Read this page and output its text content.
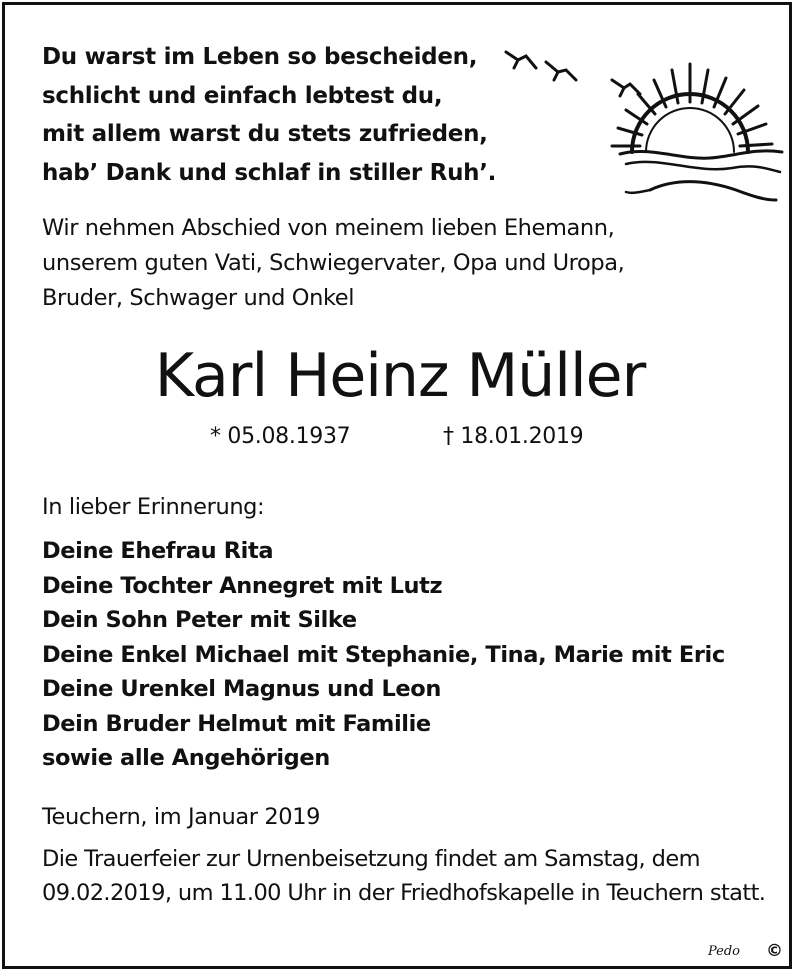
Du warst im Leben so bescheiden,
schlicht und einfach lebtest du,
mit allem warst du stets zufrieden,
hab’ Dank und schlaf in stiller Ruh’.
Wir nehmen Abschied von meinem lieben Ehemann,
unserem guten Vati, Schwiegervater, Opa und Uropa,
Bruder, Schwager und Onkel
Karl Heinz Müller
* 05.08.1937	† 18.01.2019
In lieber Erinnerung:
Deine Ehefrau Rita
Deine Tochter Annegret mit Lutz
Dein Sohn Peter mit Silke
Deine Enkel Michael mit Stephanie, Tina, Marie mit Eric
Deine Urenkel Magnus und Leon
Dein Bruder Helmut mit Familie
sowie alle Angehörigen
Teuchern, im Januar 2019
Die Trauerfeier zur Urnenbeisetzung findet am Samstag, dem 09.02.2019, um 11.00 Uhr in der Friedhofskapelle in Teuchern statt.
Pedo ©
